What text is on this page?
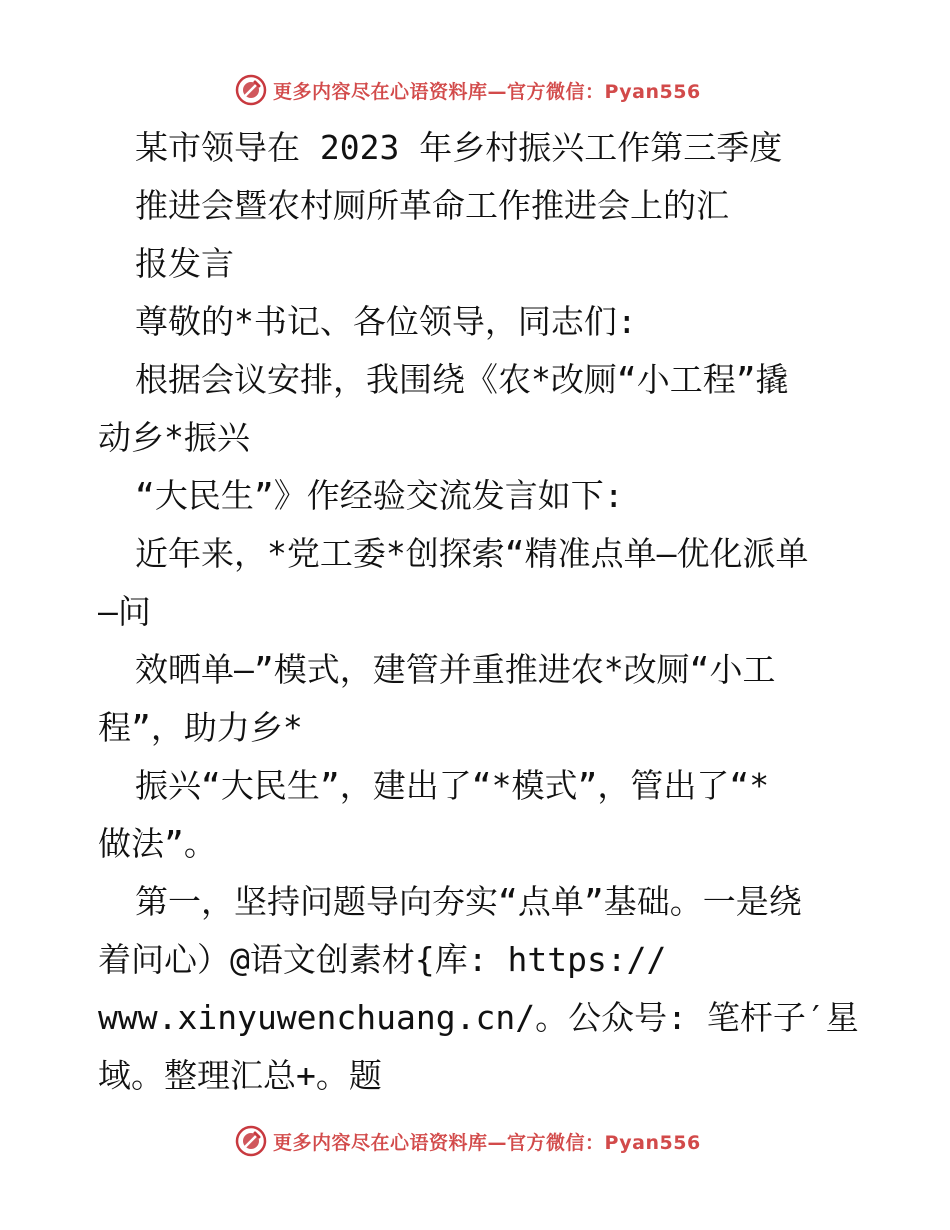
更多内容尽在心语资料库—官方微信：Pyan556
某市领导在 2023 年乡村振兴工作第三季度
推进会暨农村厕所革命工作推进会上的汇
报发言
尊敬的*书记、各位领导，同志们:
根据会议安排，我围绕《农*改厕“小工程”撬
动乡*振兴
“大民生”》作经验交流发言如下:
近年来，*党工委*创探索“精准点单—优化派单
—问
效晒单—”模式，建管并重推进农*改厕“小工
程”，助力乡*
振兴“大民生”，建出了“*模式”，管出了“*
做法”。
第一，坚持问题导向夯实“点单”基础。一是绕
着问心）@语文创素材{库: https://
www.xinyuwenchuang.cn/。公众号: 笔杆子′星
域。整理汇总+。题
更多内容尽在心语资料库—官方微信：Pyan556
